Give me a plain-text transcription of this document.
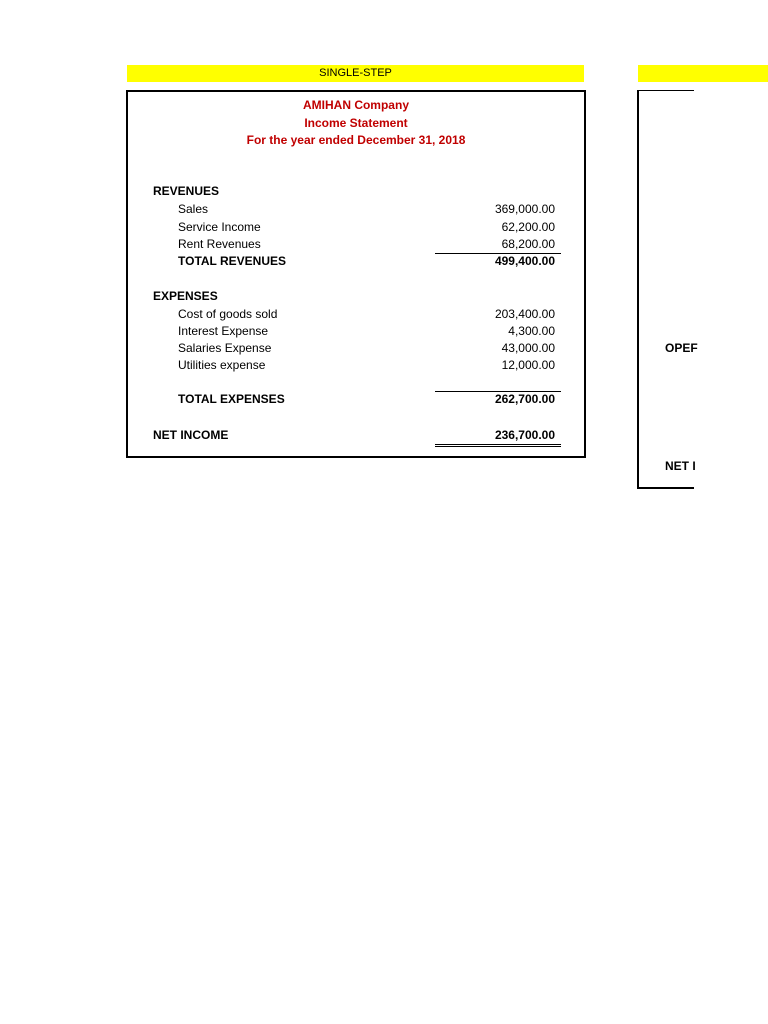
SINGLE-STEP
AMIHAN Company
Income Statement
For the year ended December 31, 2018
REVENUES
Sales	369,000.00
Service Income	62,200.00
Rent Revenues	68,200.00
TOTAL REVENUES	499,400.00
EXPENSES
Cost of goods sold	203,400.00
Interest Expense	4,300.00
Salaries Expense	43,000.00
Utilities expense	12,000.00
TOTAL EXPENSES	262,700.00
NET INCOME	236,700.00
OPEF
NET I
